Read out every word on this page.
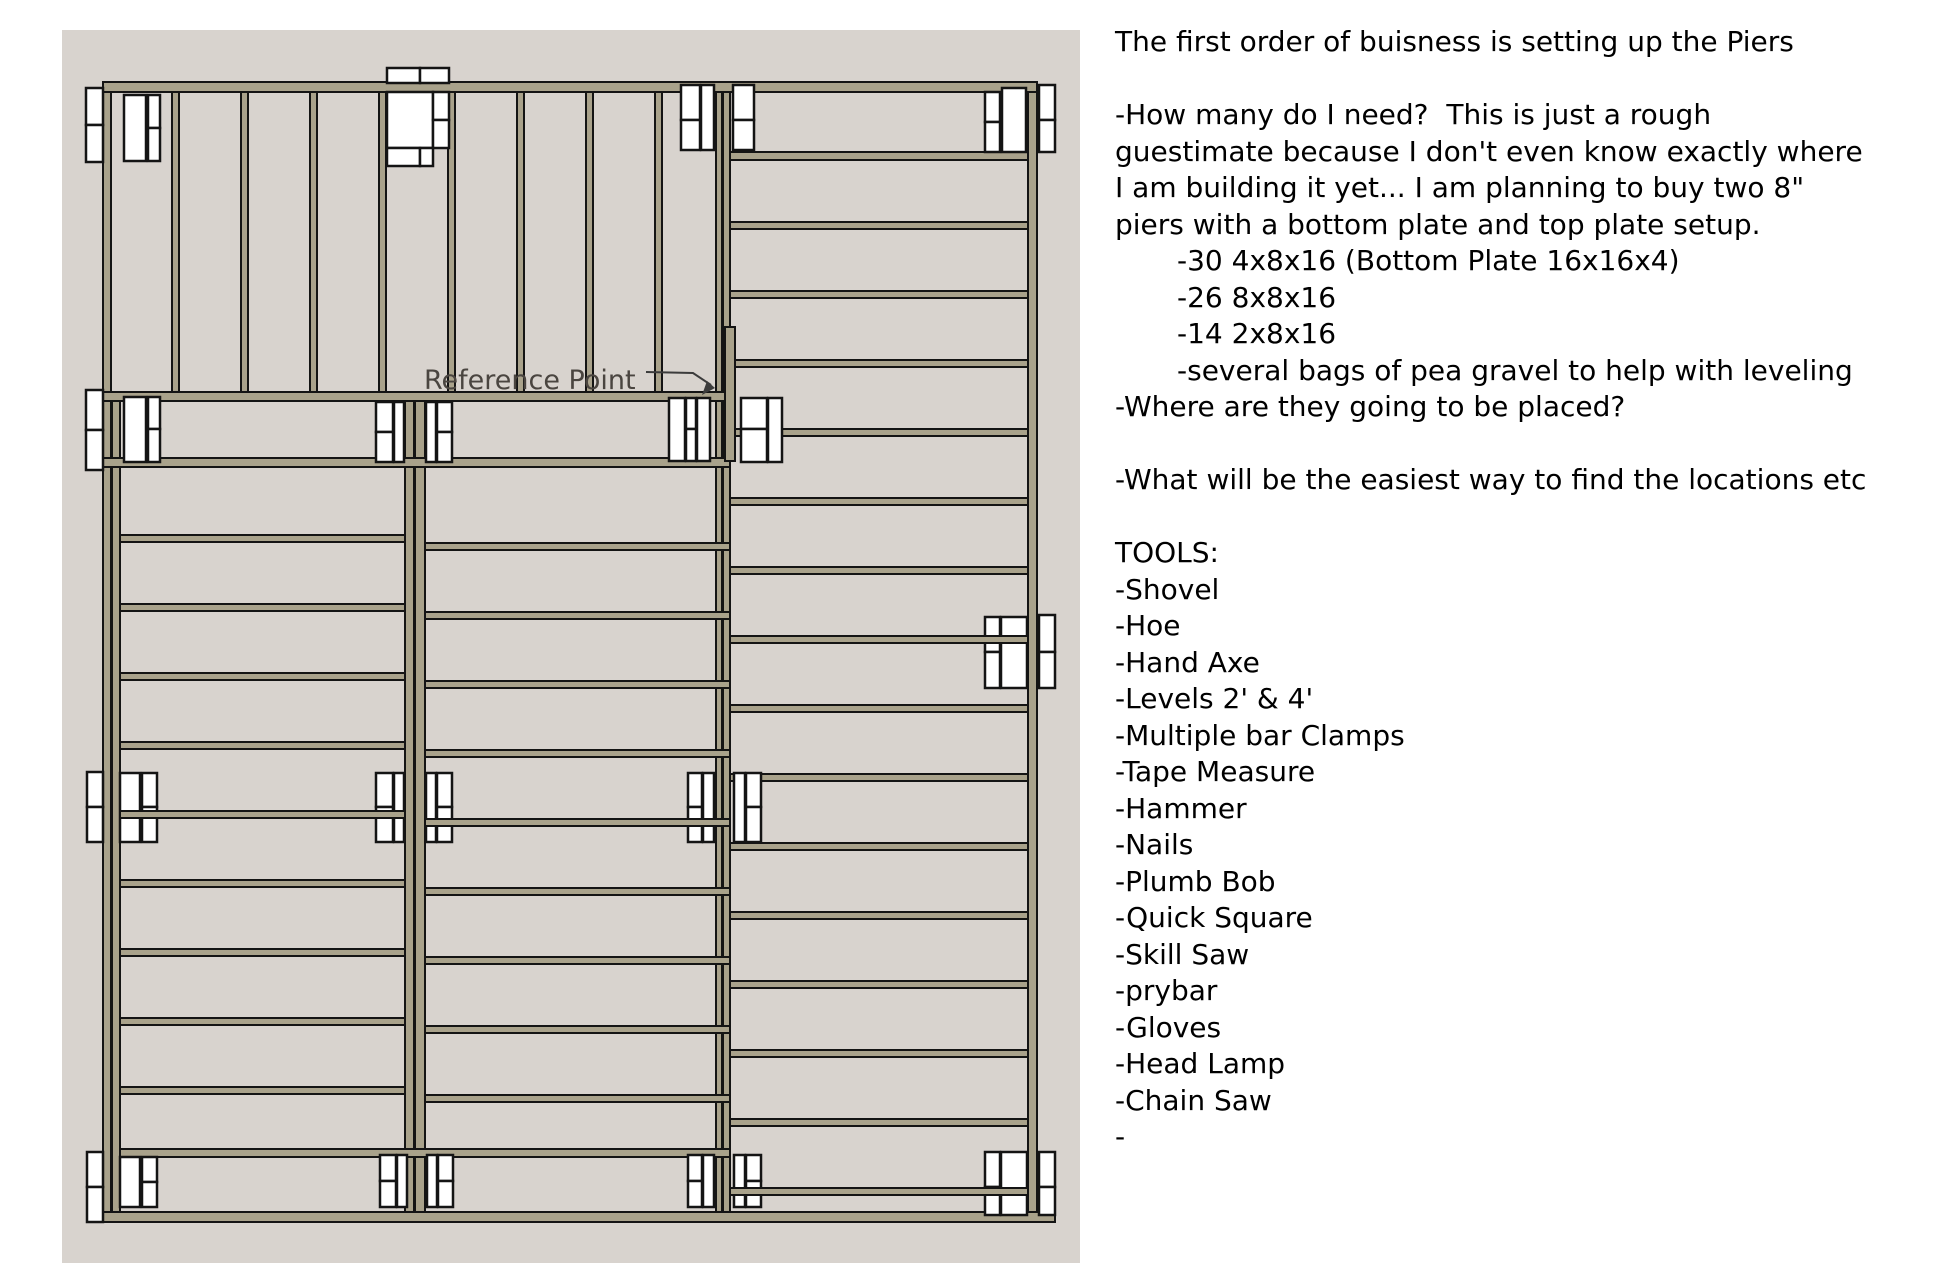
Reference Point
The first order of buisness is setting up the Piers

-How many do I need?  This is just a rough
guestimate because I don't even know exactly where
I am building it yet... I am planning to buy two 8"
piers with a bottom plate and top plate setup.
-30 4x8x16 (Bottom Plate 16x16x4)
-26 8x8x16
-14 2x8x16
-several bags of pea gravel to help with leveling
-Where are they going to be placed?

-What will be the easiest way to find the locations etc

TOOLS:
-Shovel
-Hoe
-Hand Axe
-Levels 2' & 4'
-Multiple bar Clamps
-Tape Measure
-Hammer
-Nails
-Plumb Bob
-Quick Square
-Skill Saw
-prybar
-Gloves
-Head Lamp
-Chain Saw
-
